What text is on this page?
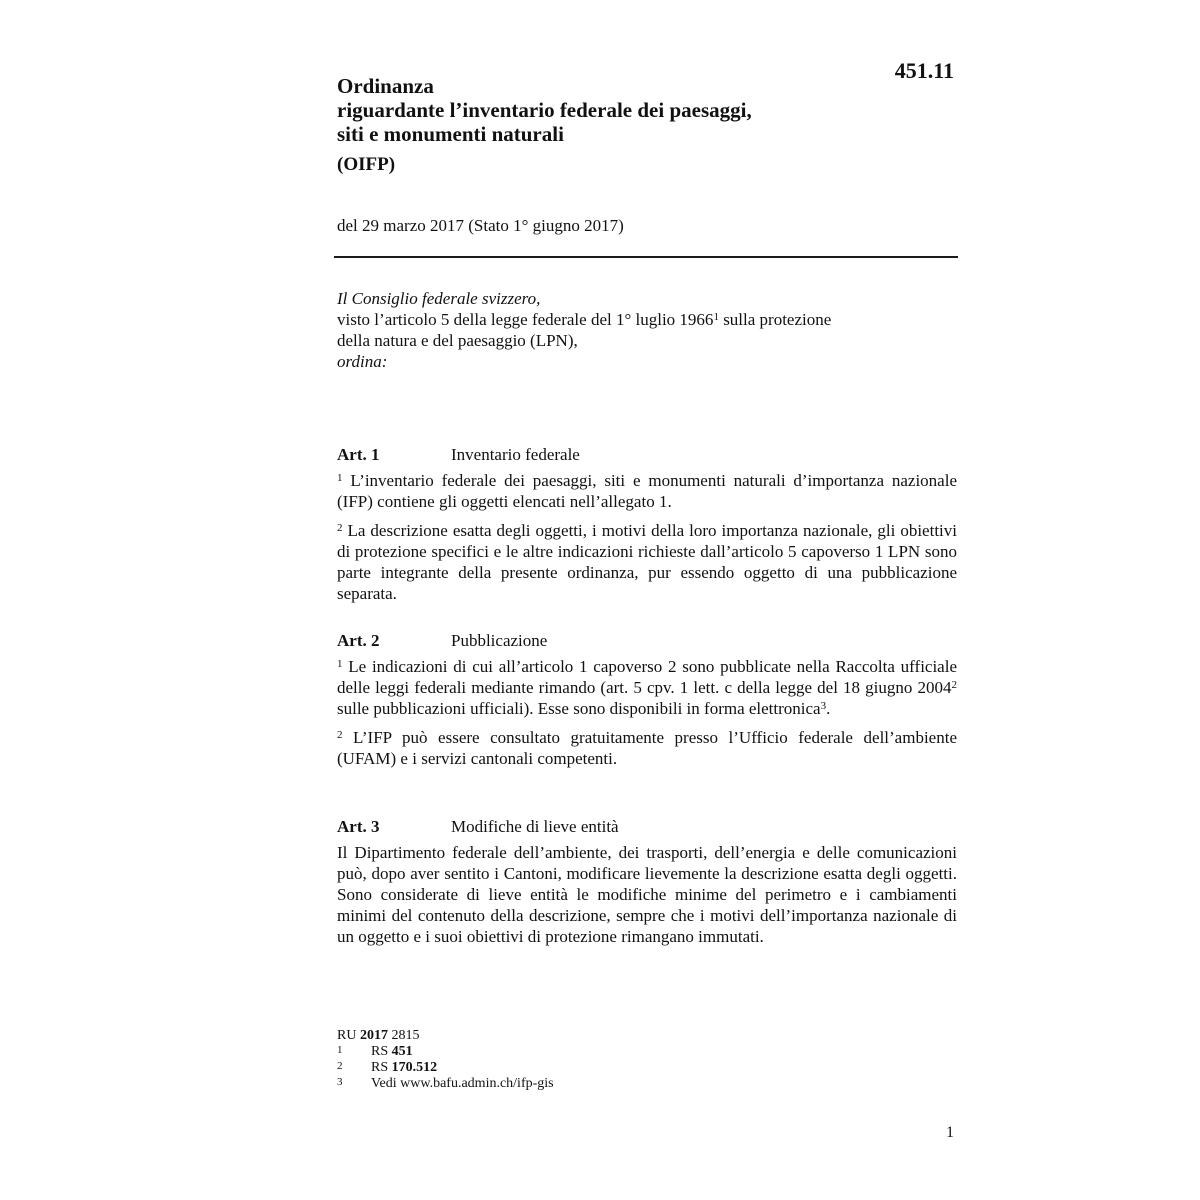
451.11
Ordinanza
riguardante l’inventario federale dei paesaggi,
siti e monumenti naturali
(OIFP)
del 29 marzo 2017 (Stato 1° giugno 2017)
Il Consiglio federale svizzero,
visto l’articolo 5 della legge federale del 1° luglio 1966$^1$ sulla protezione
della natura e del paesaggio (LPN),
ordina:
Art. 1	Inventario federale
$^1$ L’inventario federale dei paesaggi, siti e monumenti naturali d’importanza nazionale (IFP) contiene gli oggetti elencati nell’allegato 1.
$^2$ La descrizione esatta degli oggetti, i motivi della loro importanza nazionale, gli obiettivi di protezione specifici e le altre indicazioni richieste dall’articolo 5 capoverso 1 LPN sono parte integrante della presente ordinanza, pur essendo oggetto di una pubblicazione separata.
Art. 2	Pubblicazione
$^1$ Le indicazioni di cui all’articolo 1 capoverso 2 sono pubblicate nella Raccolta ufficiale delle leggi federali mediante rimando (art. 5 cpv. 1 lett. c della legge del 18 giugno 2004$^2$ sulle pubblicazioni ufficiali). Esse sono disponibili in forma elettronica$^3$.
$^2$ L’IFP può essere consultato gratuitamente presso l’Ufficio federale dell’ambiente (UFAM) e i servizi cantonali competenti.
Art. 3	Modifiche di lieve entità
Il Dipartimento federale dell’ambiente, dei trasporti, dell’energia e delle comunicazioni può, dopo aver sentito i Cantoni, modificare lievemente la descrizione esatta degli oggetti. Sono considerate di lieve entità le modifiche minime del perimetro e i cambiamenti minimi del contenuto della descrizione, sempre che i motivi dell’importanza nazionale di un oggetto e i suoi obiettivi di protezione rimangano immutati.
RU 2017 2815
1 RS 451
2 RS 170.512
3 Vedi www.bafu.admin.ch/ifp-gis
1
